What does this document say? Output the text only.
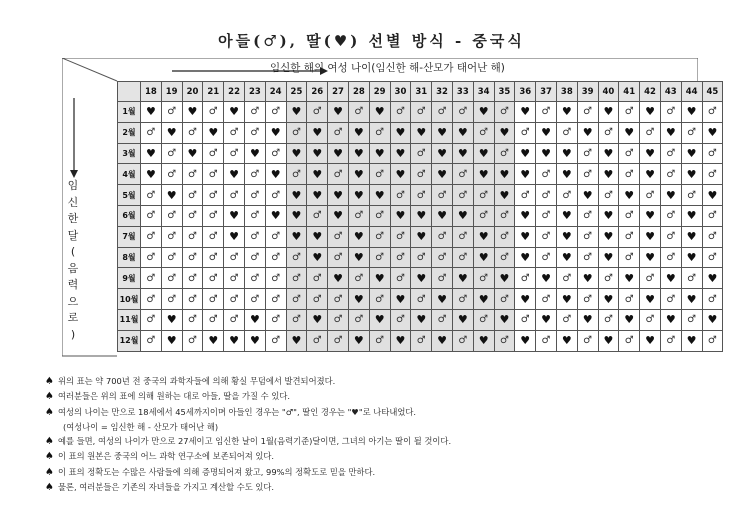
아들(♂), 딸(♥) 선별 방식 - 중국식
임신한 해의 여성 나이(임신한 해-산모가 태어난 해)
임
신
한
달
(
음
력
으
로
)
	18	19	20	21	22	23	24	25	26	27	28	29	30	31	32	33	34	35	36	37	38	39	40	41	42	43	44	45
1월	♥	♂	♥	♂	♥	♂	♂	♥	♂	♥	♂	♥	♂	♂	♂	♂	♥	♂	♥	♂	♥	♂	♥	♂	♥	♂	♥	♂
2월	♂	♥	♂	♥	♂	♂	♥	♂	♥	♂	♥	♂	♥	♥	♥	♥	♂	♥	♂	♥	♂	♥	♂	♥	♂	♥	♂	♥
3월	♥	♂	♥	♂	♂	♥	♂	♥	♥	♥	♥	♥	♥	♂	♥	♥	♥	♂	♥	♥	♥	♂	♥	♂	♥	♂	♥	♂
4월	♥	♂	♂	♂	♥	♂	♥	♂	♥	♂	♥	♂	♥	♂	♥	♂	♥	♥	♥	♂	♥	♂	♥	♂	♥	♂	♥	♂
5월	♂	♥	♂	♂	♂	♂	♂	♥	♥	♥	♥	♥	♂	♂	♂	♂	♂	♥	♂	♂	♂	♥	♂	♥	♂	♥	♂	♥
6월	♂	♂	♂	♂	♥	♂	♥	♥	♂	♥	♂	♂	♥	♥	♥	♥	♂	♂	♥	♂	♥	♂	♥	♂	♥	♂	♥	♂
7월	♂	♂	♂	♂	♥	♂	♂	♥	♥	♂	♥	♂	♂	♥	♂	♂	♥	♂	♥	♂	♥	♂	♥	♂	♥	♂	♥	♂
8월	♂	♂	♂	♂	♂	♂	♂	♂	♥	♂	♥	♂	♂	♂	♂	♂	♥	♂	♥	♂	♥	♂	♥	♂	♥	♂	♥	♂
9월	♂	♂	♂	♂	♂	♂	♂	♂	♂	♥	♂	♥	♂	♥	♂	♥	♂	♥	♂	♥	♂	♥	♂	♥	♂	♥	♂	♥
10월	♂	♂	♂	♂	♂	♂	♂	♂	♂	♂	♥	♂	♥	♂	♥	♂	♥	♂	♥	♂	♥	♂	♥	♂	♥	♂	♥	♂
11월	♂	♥	♂	♂	♂	♥	♂	♂	♥	♂	♂	♥	♂	♥	♂	♥	♂	♥	♂	♥	♂	♥	♂	♥	♂	♥	♂	♥
12월	♂	♥	♂	♥	♥	♥	♂	♥	♂	♂	♥	♂	♥	♂	♥	♂	♥	♂	♥	♂	♥	♂	♥	♂	♥	♂	♥	♂
♠ 위의 표는 약 700년 전 중국의 과학자들에 의해 황실 무덤에서 발견되어졌다.
♠ 여러분들은 위의 표에 의해 원하는 대로 아들, 딸을 가질 수 있다.
♠ 여성의 나이는 만으로 18세에서 45세까지이며 아들인 경우는 "♂", 딸인 경우는 "♥"로 나타내었다.
(여성나이 = 임신한 해 - 산모가 태어난 해)
♠ 예를 들면, 여성의 나이가 만으로 27세이고 임신한 날이 1월(음력기준)달이면, 그녀의 아기는 딸이 될 것이다.
♠ 이 표의 원본은 중국의 어느 과학 연구소에 보존되어져 있다.
♠ 이 표의 정확도는 수많은 사람들에 의해 증명되어져 왔고, 99%의 정확도로 믿을 만하다.
♠ 물론, 여러분들은 기존의 자녀들을 가지고 계산할 수도 있다.
